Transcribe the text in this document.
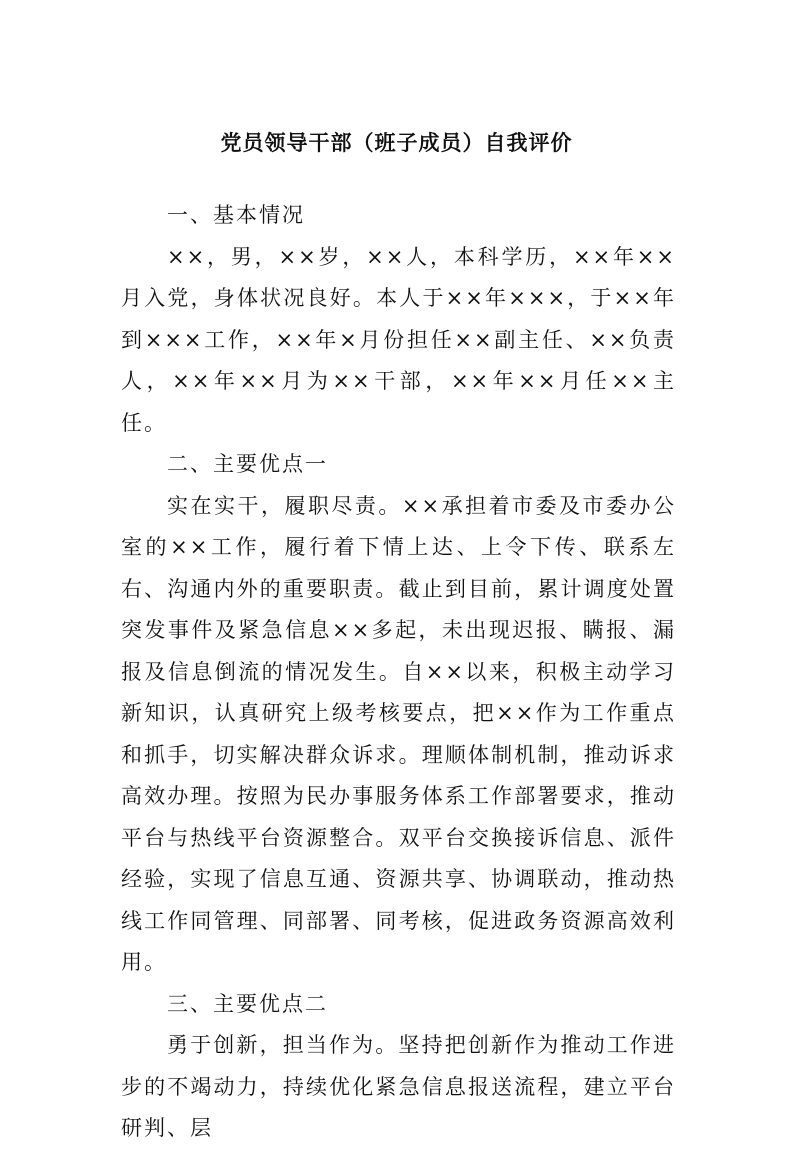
党员领导干部（班子成员）自我评价

一、基本情况

××，男，××岁，××人，本科学历，××年××月入党，身体状况良好。本人于××年×××，于××年到×××工作，××年×月份担任××副主任、××负责人，××年××月为××干部，××年××月任××主任。

二、主要优点一

实在实干，履职尽责。××承担着市委及市委办公室的××工作，履行着下情上达、上令下传、联系左右、沟通内外的重要职责。截止到目前，累计调度处置突发事件及紧急信息××多起，未出现迟报、瞒报、漏报及信息倒流的情况发生。自××以来，积极主动学习新知识，认真研究上级考核要点，把××作为工作重点和抓手，切实解决群众诉求。理顺体制机制，推动诉求高效办理。按照为民办事服务体系工作部署要求，推动平台与热线平台资源整合。双平台交换接诉信息、派件经验，实现了信息互通、资源共享、协调联动，推动热线工作同管理、同部署、同考核，促进政务资源高效利用。

三、主要优点二

勇于创新，担当作为。坚持把创新作为推动工作进步的不竭动力，持续优化紧急信息报送流程，建立平台研判、层
